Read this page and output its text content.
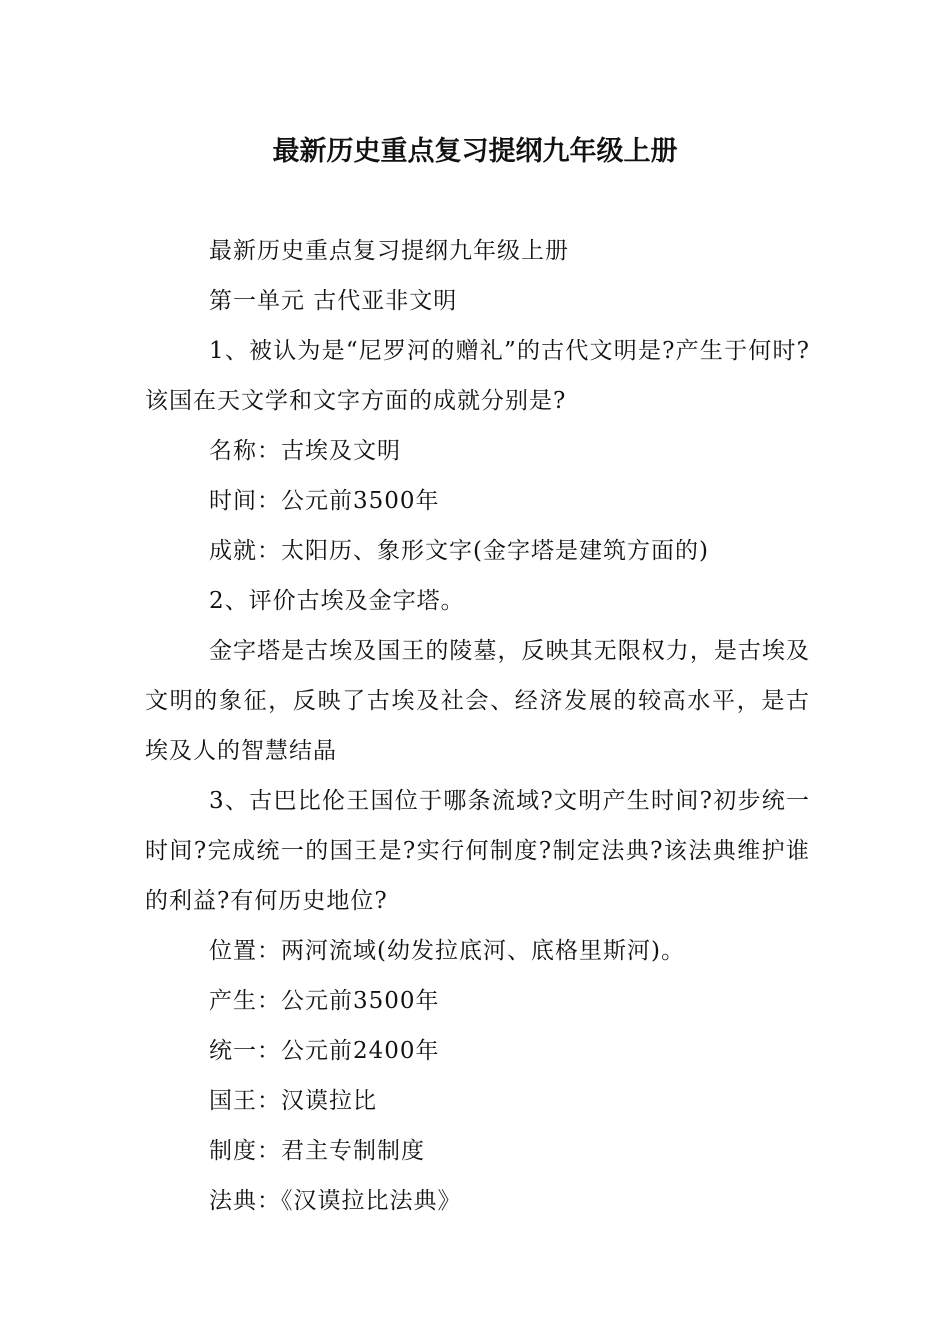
最新历史重点复习提纲九年级上册

最新历史重点复习提纲九年级上册

第一单元 古代亚非文明

1、被认为是“尼罗河的赠礼”的古代文明是?产生于何时?该国在天文学和文字方面的成就分别是?

名称：古埃及文明

时间：公元前3500年

成就：太阳历、象形文字(金字塔是建筑方面的)

2、评价古埃及金字塔。

金字塔是古埃及国王的陵墓，反映其无限权力，是古埃及文明的象征，反映了古埃及社会、经济发展的较高水平，是古埃及人的智慧结晶

3、古巴比伦王国位于哪条流域?文明产生时间?初步统一时间?完成统一的国王是?实行何制度?制定法典?该法典维护谁的利益?有何历史地位?

位置：两河流域(幼发拉底河、底格里斯河)。

产生：公元前3500年

统一：公元前2400年

国王：汉谟拉比

制度：君主专制制度

法典：《汉谟拉比法典》
